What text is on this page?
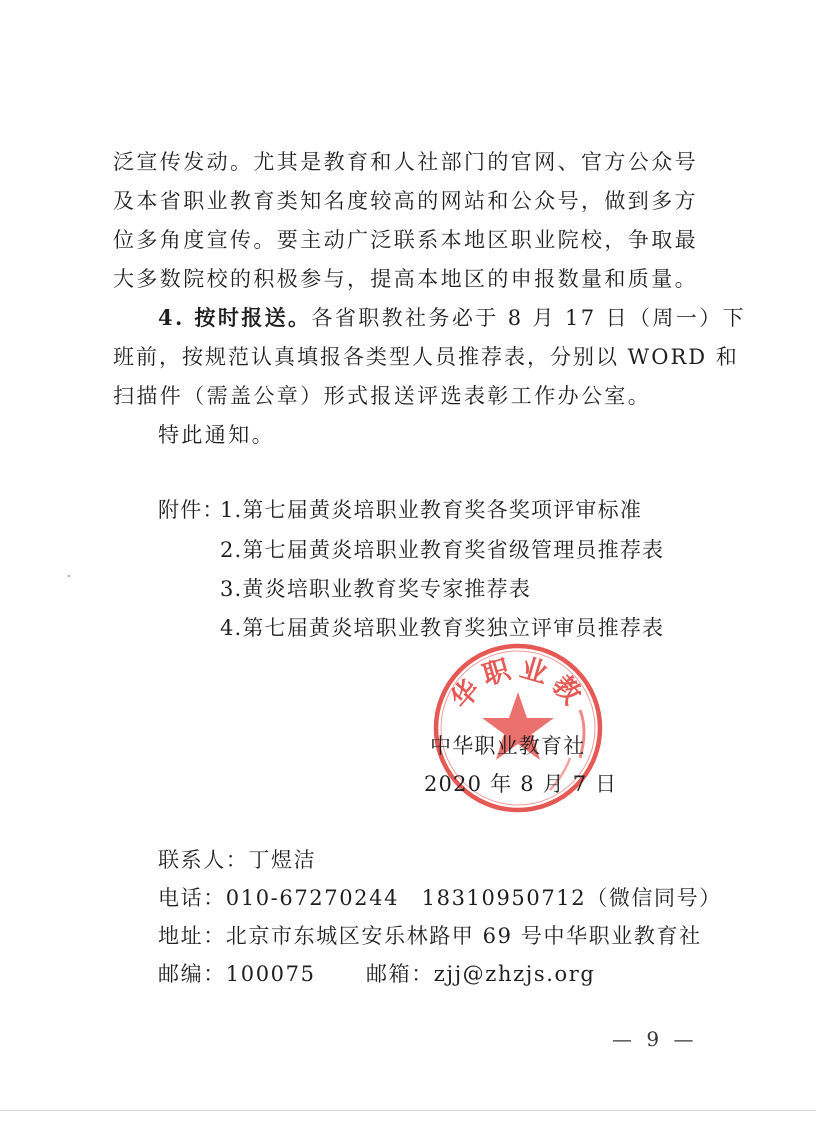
泛宣传发动。尤其是教育和人社部门的官网、官方公众号
及本省职业教育类知名度较高的网站和公众号，做到多方
位多角度宣传。要主动广泛联系本地区职业院校，争取最
大多数院校的积极参与，提高本地区的申报数量和质量。
4. 按时报送。各省职教社务必于 8 月 17 日（周一）下
班前，按规范认真填报各类型人员推荐表，分别以 WORD 和
扫描件（需盖公章）形式报送评选表彰工作办公室。
特此通知。
附件：
1.第七届黄炎培职业教育奖各奖项评审标准
2.第七届黄炎培职业教育奖省级管理员推荐表
3.黄炎培职业教育奖专家推荐表
4.第七届黄炎培职业教育奖独立评审员推荐表
华职业教
中华职业教育社
2020 年 8 月 7 日
联系人：丁煜洁
电话：010-67270244　18310950712（微信同号）
地址：北京市东城区安乐林路甲 69 号中华职业教育社
邮编：100075 邮箱：zjj@zhzjs.org
— 9 —
